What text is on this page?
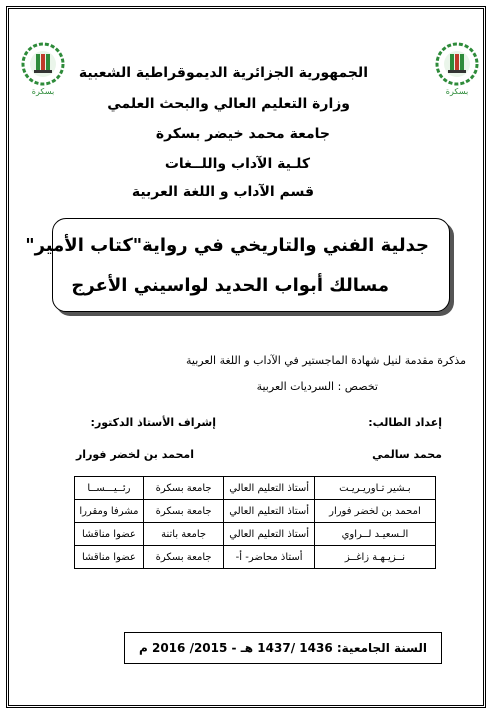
بسكرة	بسكرة
الجمهورية الجزائرية الديموقراطية الشعبية
وزارة التعليم العالي والبحث العلمي
جامعة محمد خيضر بسكرة
كلـية الآداب واللــغات
قسم الآداب و اللغة العربية
جدلية الفني والتاريخي في رواية"كتاب الأمير"
مسالك أبواب الحديد لواسيني الأعرج
مذكرة مقدمة لنيل شهادة الماجستير في الآداب و اللغة العربية
تخصص : السرديات العربية
إعداد الطالب:
إشراف الأستاذ الدكتور:
محمد سالمي
امحمد بن لخضر فورار
بـشير تـاوريـريـت	أستاذ التعليم العالي	جامعة بسكرة	رئــيـــســا
امحمد بن لخضر فورار	أستاذ التعليم العالي	جامعة بسكرة	مشرفا ومقررا
الـسعيـد لــراوي	أستاذ التعليم العالي	جامعة باتنة	عضوا مناقشا
نــزيـهـة زاغــز	أستاذ محاضر- أ-	جامعة بسكرة	عضوا مناقشا
السنة الجامعية: 1436 /1437 هـ - 2015/ 2016 م
